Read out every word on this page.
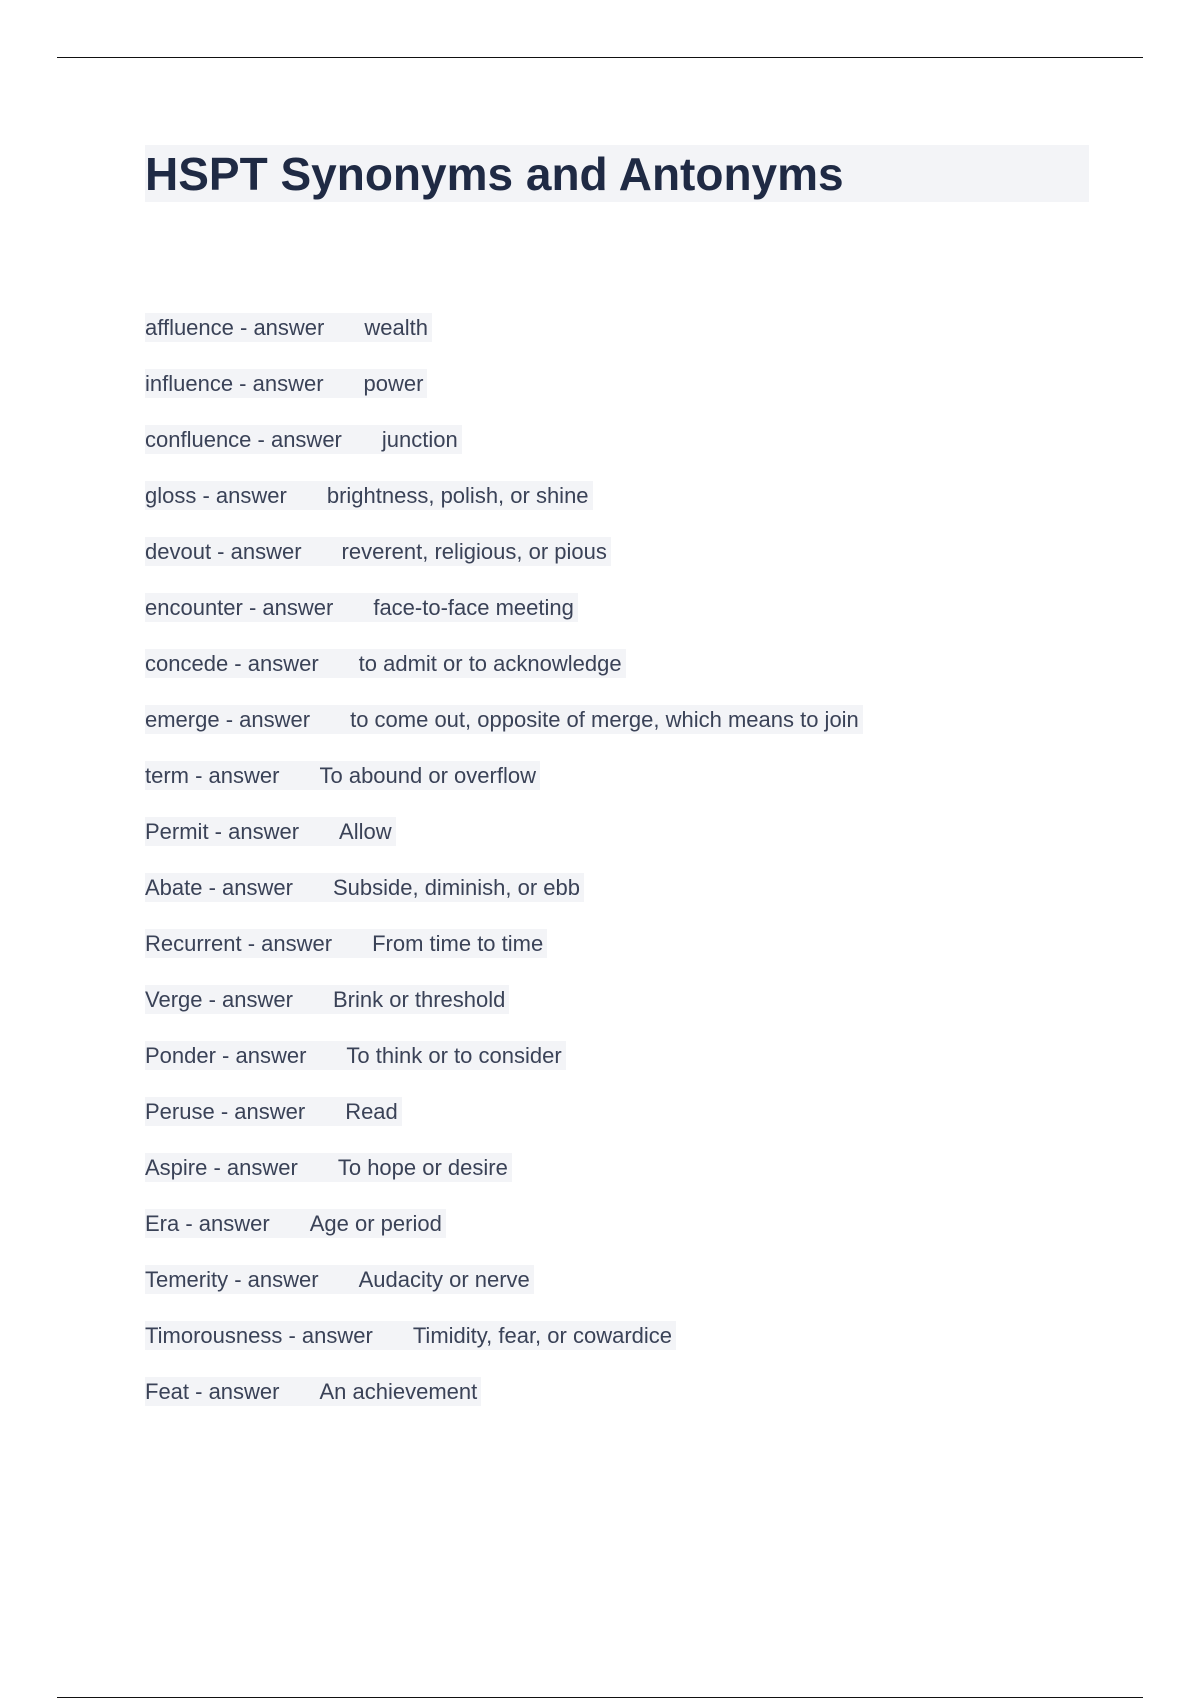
HSPT Synonyms and Antonyms
affluence - answer wealth
influence - answer power
confluence - answer junction
gloss - answer brightness, polish, or shine
devout - answer reverent, religious, or pious
encounter - answer face-to-face meeting
concede - answer to admit or to acknowledge
emerge - answer to come out, opposite of merge, which means to join
term - answer To abound or overflow
Permit - answer Allow
Abate - answer Subside, diminish, or ebb
Recurrent - answer From time to time
Verge - answer Brink or threshold
Ponder - answer To think or to consider
Peruse - answer Read
Aspire - answer To hope or desire
Era - answer Age or period
Temerity - answer Audacity or nerve
Timorousness - answer Timidity, fear, or cowardice
Feat - answer An achievement
